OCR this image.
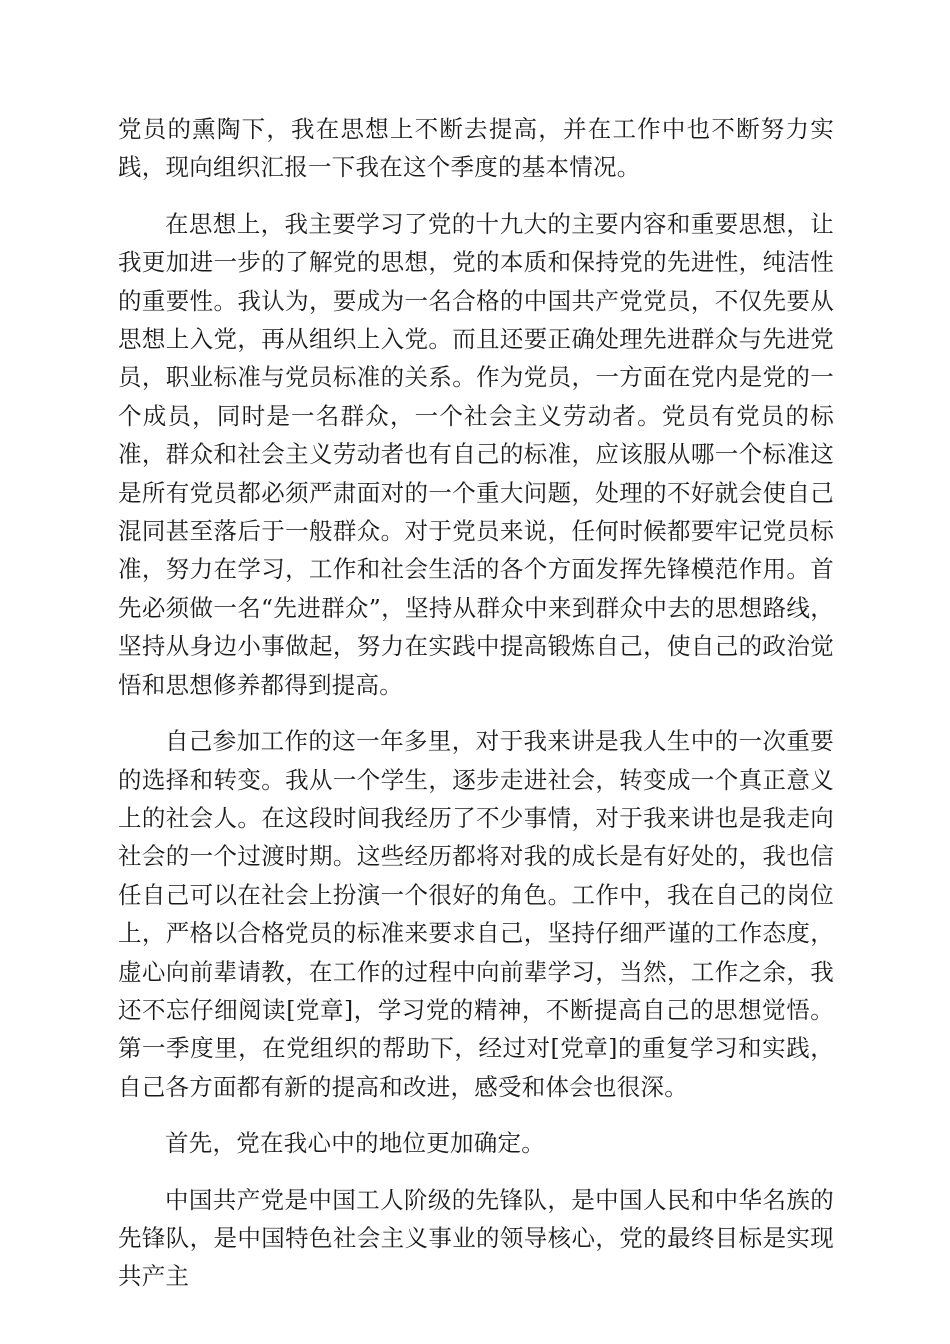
党员的熏陶下，我在思想上不断去提高，并在工作中也不断努力实践，现向组织汇报一下我在这个季度的基本情况。

在思想上，我主要学习了党的十九大的主要内容和重要思想，让我更加进一步的了解党的思想，党的本质和保持党的先进性，纯洁性的重要性。我认为，要成为一名合格的中国共产党党员，不仅先要从思想上入党，再从组织上入党。而且还要正确处理先进群众与先进党员，职业标准与党员标准的关系。作为党员，一方面在党内是党的一个成员，同时是一名群众，一个社会主义劳动者。党员有党员的标准，群众和社会主义劳动者也有自己的标准，应该服从哪一个标准这是所有党员都必须严肃面对的一个重大问题，处理的不好就会使自己混同甚至落后于一般群众。对于党员来说，任何时候都要牢记党员标准，努力在学习，工作和社会生活的各个方面发挥先锋模范作用。首先必须做一名“先进群众”，坚持从群众中来到群众中去的思想路线，坚持从身边小事做起，努力在实践中提高锻炼自己，使自己的政治觉悟和思想修养都得到提高。

自己参加工作的这一年多里，对于我来讲是我人生中的一次重要的选择和转变。我从一个学生，逐步走进社会，转变成一个真正意义上的社会人。在这段时间我经历了不少事情，对于我来讲也是我走向社会的一个过渡时期。这些经历都将对我的成长是有好处的，我也信任自己可以在社会上扮演一个很好的角色。工作中，我在自己的岗位上，严格以合格党员的标准来要求自己，坚持仔细严谨的工作态度，虚心向前辈请教，在工作的过程中向前辈学习，当然，工作之余，我还不忘仔细阅读[党章]，学习党的精神，不断提高自己的思想觉悟。第一季度里，在党组织的帮助下，经过对[党章]的重复学习和实践，自己各方面都有新的提高和改进，感受和体会也很深。

首先，党在我心中的地位更加确定。

中国共产党是中国工人阶级的先锋队，是中国人民和中华名族的先锋队，是中国特色社会主义事业的领导核心，党的最终目标是实现共产主
